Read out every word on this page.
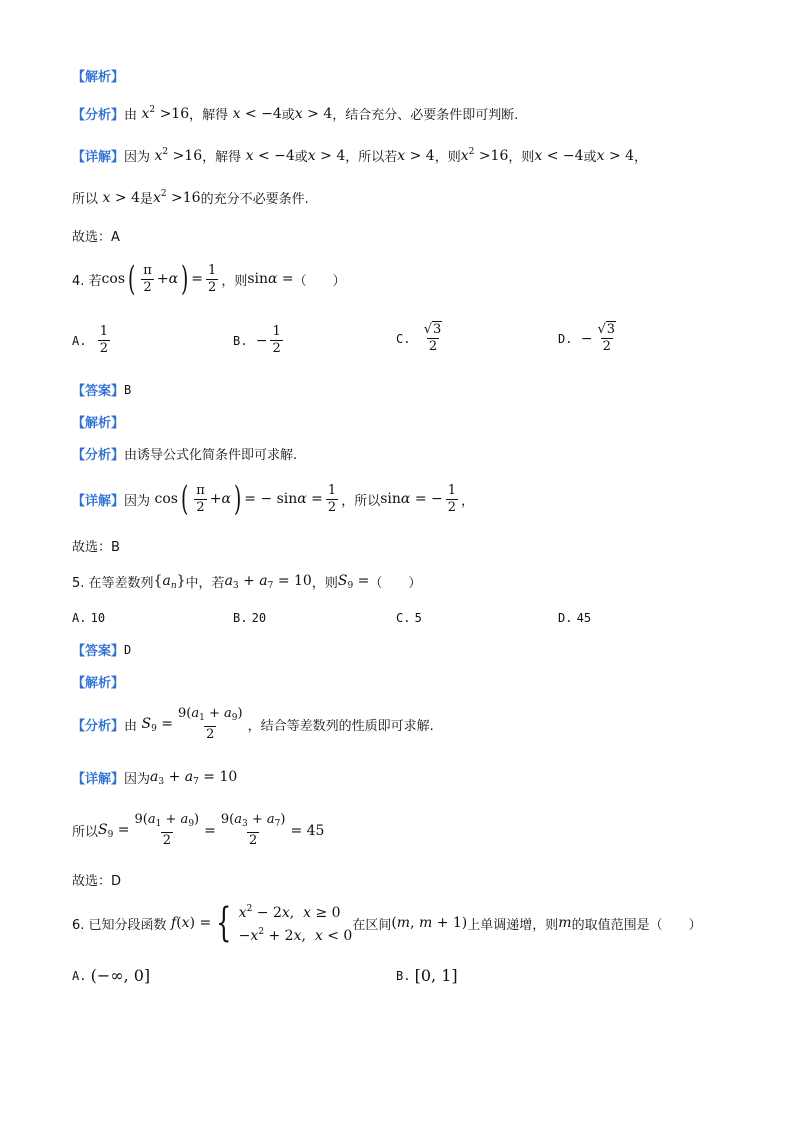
【解析】
【分析】 由 $x^2 >16$ ，解得 x < −4 或 x > 4 ，结合充分、必要条件即可判断.
【详解】 因为 $x^2 >16$ ，解得 x < −4 或 x > 4 ，所以若 x > 4 ，则 $x^2 >16$ ，则 x < −4 或 x > 4 ，
所以 x > 4 是 $x^2 >16$ 的充分不必要条件.
故选：A
4. 若 cos ( $\frac{\pi}{2} +\alpha$ ) = $\frac{1}{2}$ ，则 sinα = （　　）
A.
$\frac{1}{2}$	B.
− $\frac{1}{2}$	C.
$\frac{√3}{2}$	D.
− $\frac{√3}{2}$
【答案】 B
【解析】
【分析】 由诱导公式化简条件即可求解.
【详解】 因为 cos ( $\frac{\pi}{2} +\alpha$ ) = − $\sin\alpha = \frac{1}{2}$ ，所以 sinα = − $\frac{1}{2}$ ，
故选：B
5. 在等差数列 $\{a_n\}$ 中，若 $a_3 + a_7 = 10$ ，则 $S_9$ = （　　）
A.
10	B.
20	C.
5	D.
45
【答案】 D
【解析】
【分析】 由 $S_9 = \frac{9(a_1 + a_9)}{2}$ ，结合等差数列的性质即可求解.
【详解】 因为 $a_3 + a_7 = 10$
所以 $S_9 = \frac{9(a_1 + a_9)}{2} = \frac{9(a_3 + a_7)}{2} = 45$
故选：D
6. 已知分段函数 f(x) = { $x^2 - 2x$,  x ≥ 0
$-x^2 + 2x$,  x < 0
在区间 (m, m + 1) 上单调递增，则 m 的取值范围是（　　）
A.
(−∞, 0]	B.
[0, 1]
